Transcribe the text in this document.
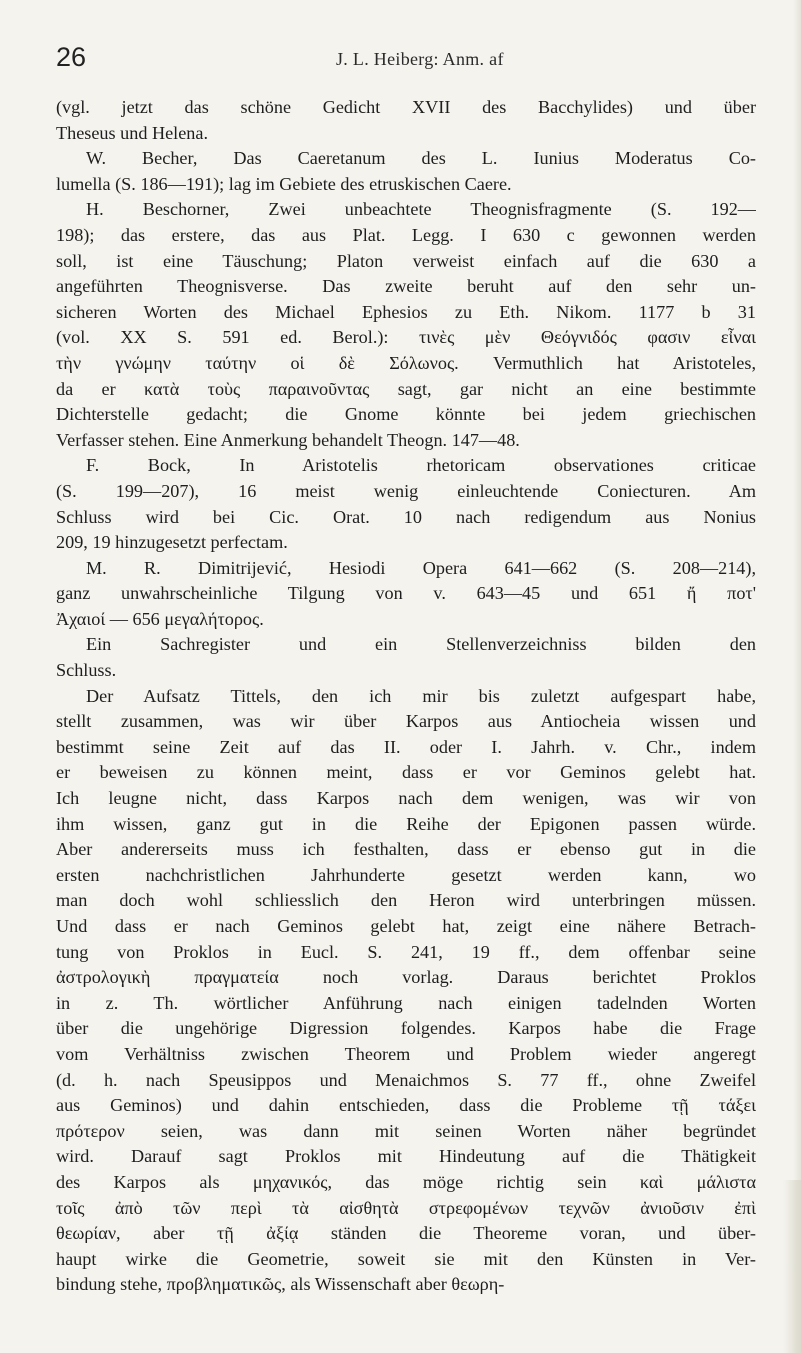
26	J. L. Heiberg: Anm. af
(vgl. jetzt das schöne Gedicht XVII des Bacchylides) und über
Theseus und Helena.
W. Becher, Das Caeretanum des L. Iunius Moderatus Co-
lumella (S. 186—191); lag im Gebiete des etruskischen Caere.
H. Beschorner, Zwei unbeachtete Theognisfragmente (S. 192—
198); das erstere, das aus Plat. Legg. I 630 c gewonnen werden
soll, ist eine Täuschung; Platon verweist einfach auf die 630 a
angeführten Theognisverse. Das zweite beruht auf den sehr un-
sicheren Worten des Michael Ephesios zu Eth. Nikom. 1177 b 31
(vol. XX S. 591 ed. Berol.): τινὲς μὲν Θεόγνιδός φασιν εἶναι
τὴν γνώμην ταύτην οἱ δὲ Σόλωνος. Vermuthlich hat Aristoteles,
da er κατὰ τοὺς παραινοῦντας sagt, gar nicht an eine bestimmte
Dichterstelle gedacht; die Gnome könnte bei jedem griechischen
Verfasser stehen. Eine Anmerkung behandelt Theogn. 147—48.
F. Bock, In Aristotelis rhetoricam observationes criticae
(S. 199—207), 16 meist wenig einleuchtende Coniecturen. Am
Schluss wird bei Cic. Orat. 10 nach redigendum aus Nonius
209, 19 hinzugesetzt perfectam.
M. R. Dimitrijević, Hesiodi Opera 641—662 (S. 208—214),
ganz unwahrscheinliche Tilgung von v. 643—45 und 651 ἤ ποτ'
Ἀχαιοί — 656 μεγαλήτορος.
Ein Sachregister und ein Stellenverzeichniss bilden den
Schluss.
Der Aufsatz Tittels, den ich mir bis zuletzt aufgespart habe,
stellt zusammen, was wir über Karpos aus Antiocheia wissen und
bestimmt seine Zeit auf das II. oder I. Jahrh. v. Chr., indem
er beweisen zu können meint, dass er vor Geminos gelebt hat.
Ich leugne nicht, dass Karpos nach dem wenigen, was wir von
ihm wissen, ganz gut in die Reihe der Epigonen passen würde.
Aber andererseits muss ich festhalten, dass er ebenso gut in die
ersten nachchristlichen Jahrhunderte gesetzt werden kann, wo
man doch wohl schliesslich den Heron wird unterbringen müssen.
Und dass er nach Geminos gelebt hat, zeigt eine nähere Betrach-
tung von Proklos in Eucl. S. 241, 19 ff., dem offenbar seine
ἀστρολογικὴ πραγματεία noch vorlag. Daraus berichtet Proklos
in z. Th. wörtlicher Anführung nach einigen tadelnden Worten
über die ungehörige Digression folgendes. Karpos habe die Frage
vom Verhältniss zwischen Theorem und Problem wieder angeregt
(d. h. nach Speusippos und Menaichmos S. 77 ff., ohne Zweifel
aus Geminos) und dahin entschieden, dass die Probleme τῇ τάξει
πρότερον seien, was dann mit seinen Worten näher begründet
wird. Darauf sagt Proklos mit Hindeutung auf die Thätigkeit
des Karpos als μηχανικός, das möge richtig sein καὶ μάλιστα
τοῖς ἀπὸ τῶν περὶ τὰ αἰσθητὰ στρεφομένων τεχνῶν ἀνιοῦσιν ἐπὶ
θεωρίαν, aber τῇ ἀξίᾳ ständen die Theoreme voran, und über-
haupt wirke die Geometrie, soweit sie mit den Künsten in Ver-
bindung stehe, προβληματικῶς, als Wissenschaft aber θεωρη-
